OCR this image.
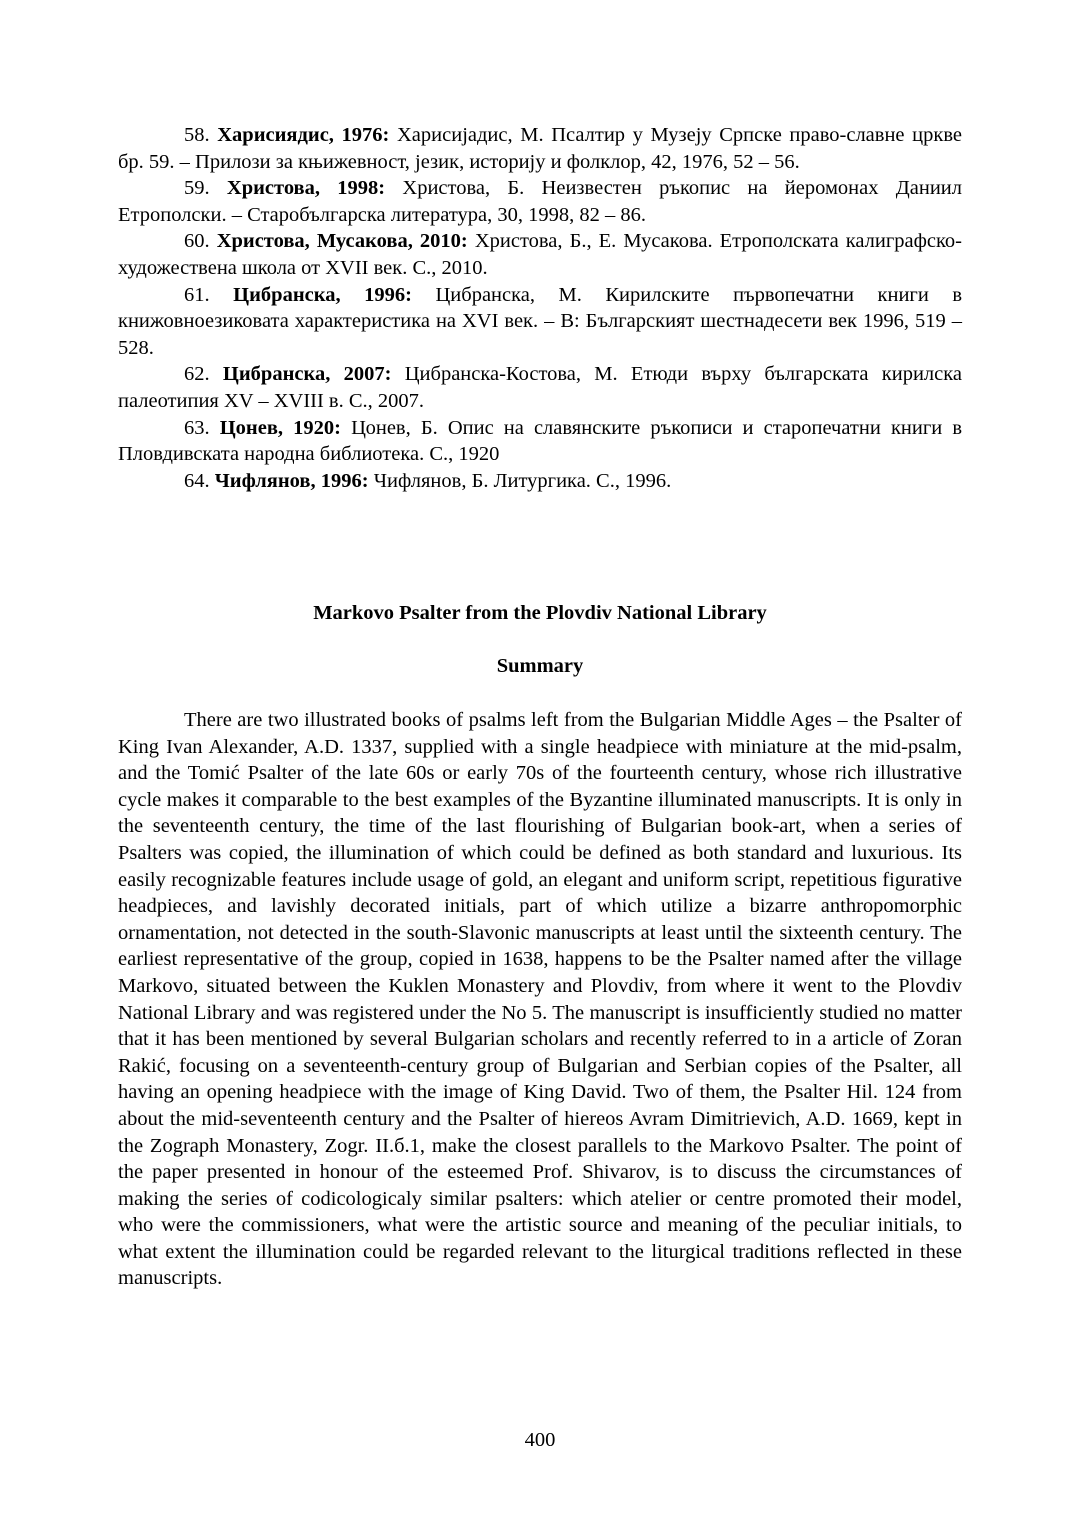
58. Харисиядис, 1976: Харисијадис, М. Псалтир у Музеју Српске право-славне цркве бр. 59. – Прилози за књижевност, језик, историју и фолклор, 42, 1976, 52 – 56.

59. Христова, 1998: Христова, Б. Неизвестен ръкопис на йеромонах Даниил Етрополски. – Старобългарска литература, 30, 1998, 82 – 86.

60. Христова, Мусакова, 2010: Христова, Б., Е. Мусакова. Етрополската калиграфско-художествена школа от XVII век. С., 2010.

61. Цибранска, 1996: Цибранска, М. Кирилските първопечатни книги в книжовноезиковата характеристика на XVI век. – В: Българският шестнадесети век 1996, 519 – 528.

62. Цибранска, 2007: Цибранска-Костова, М. Етюди върху българската кирилска палеотипия XV – XVIII в. С., 2007.

63. Цонев, 1920: Цонев, Б. Опис на славянските ръкописи и старопечатни книги в Пловдивската народна библиотека. С., 1920

64. Чифлянов, 1996: Чифлянов, Б. Литургика. С., 1996.

Markovo Psalter from the Plovdiv National Library
Summary

There are two illustrated books of psalms left from the Bulgarian Middle Ages – the Psalter of King Ivan Alexander, A.D. 1337, supplied with a single headpiece with miniature at the mid-psalm, and the Tomić Psalter of the late 60s or early 70s of the fourteenth century, whose rich illustrative cycle makes it comparable to the best examples of the Byzantine illuminated manuscripts. It is only in the seventeenth century, the time of the last flourishing of Bulgarian book-art, when a series of Psalters was copied, the illumination of which could be defined as both standard and luxurious. Its easily recognizable features include usage of gold, an elegant and uniform script, repetitious figurative headpieces, and lavishly decorated initials, part of which utilize a bizarre anthropomorphic ornamentation, not detected in the south-Slavonic manuscripts at least until the sixteenth century. The earliest representative of the group, copied in 1638, happens to be the Psalter named after the village Markovo, situated between the Kuklen Monastery and Plovdiv, from where it went to the Plovdiv National Library and was registered under the No 5. The manuscript is insufficiently studied no matter that it has been mentioned by several Bulgarian scholars and recently referred to in a article of Zoran Rakić, focusing on a seventeenth-century group of Bulgarian and Serbian copies of the Psalter, all having an opening headpiece with the image of King David. Two of them, the Psalter Hil. 124 from about the mid-seventeenth century and the Psalter of hiereos Avram Dimitrievich, A.D. 1669, kept in the Zograph Monastery, Zogr. II.б.1, make the closest parallels to the Markovo Psalter. The point of the paper presented in honour of the esteemed Prof. Shivarov, is to discuss the circumstances of making the series of codicologicaly similar psalters: which atelier or centre promoted their model, who were the commissioners, what were the artistic source and meaning of the peculiar initials, to what extent the illumination could be regarded relevant to the liturgical traditions reflected in these manuscripts.

400
